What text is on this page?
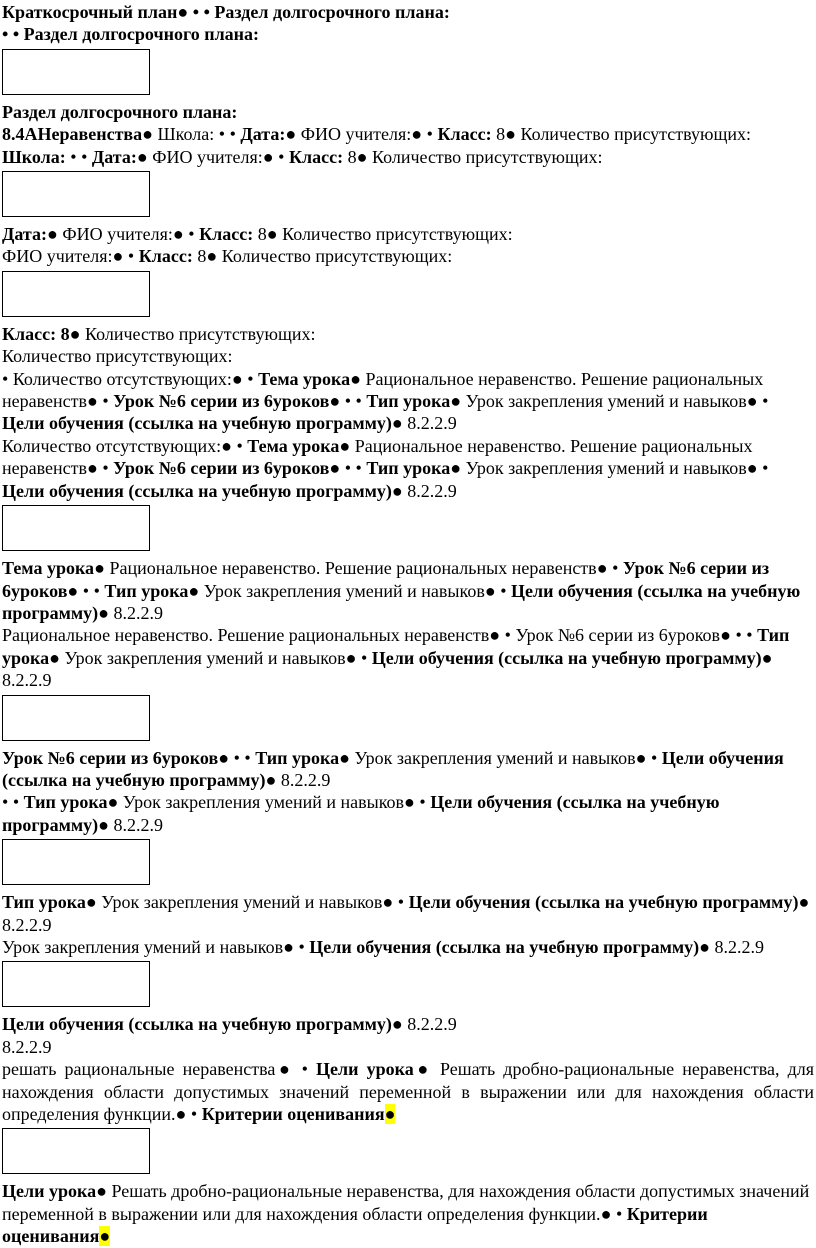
Краткосрочный план● • • Раздел долгосрочного плана:

• • Раздел долгосрочного плана:

Раздел долгосрочного плана:

8.4АНеравенства● Школа: • • Дата:● ФИО учителя:● • Класс: 8● Количество присутствующих:

Школа: • • Дата:● ФИО учителя:● • Класс: 8● Количество присутствующих:

Дата:● ФИО учителя:● • Класс: 8● Количество присутствующих:

ФИО учителя:● • Класс: 8● Количество присутствующих:

Класс: 8● Количество присутствующих:

Количество присутствующих:

• Количество отсутствующих:● • Тема урока● Рациональное неравенство. Решение рациональных неравенств● • Урок №6 серии из 6уроков● • • Тип урока● Урок закрепления умений и навыков● • Цели обучения (ссылка на учебную программу)● 8.2.2.9

Количество отсутствующих:● • Тема урока● Рациональное неравенство. Решение рациональных неравенств● • Урок №6 серии из 6уроков● • • Тип урока● Урок закрепления умений и навыков● • Цели обучения (ссылка на учебную программу)● 8.2.2.9

Тема урока● Рациональное неравенство. Решение рациональных неравенств● • Урок №6 серии из 6уроков● • • Тип урока● Урок закрепления умений и навыков● • Цели обучения (ссылка на учебную программу)● 8.2.2.9

Рациональное неравенство. Решение рациональных неравенств● • Урок №6 серии из 6уроков● • • Тип урока● Урок закрепления умений и навыков● • Цели обучения (ссылка на учебную программу)● 8.2.2.9

Урок №6 серии из 6уроков● • • Тип урока● Урок закрепления умений и навыков● • Цели обучения (ссылка на учебную программу)● 8.2.2.9

• • Тип урока● Урок закрепления умений и навыков● • Цели обучения (ссылка на учебную программу)● 8.2.2.9

Тип урока● Урок закрепления умений и навыков● • Цели обучения (ссылка на учебную программу)● 8.2.2.9

Урок закрепления умений и навыков● • Цели обучения (ссылка на учебную программу)● 8.2.2.9

Цели обучения (ссылка на учебную программу)● 8.2.2.9

8.2.2.9

решать рациональные неравенства● • Цели урока● Решать дробно-рациональные неравенства, для нахождения области допустимых значений переменной в выражении или для нахождения области определения функции.● • Критерии оценивания●

Цели урока● Решать дробно-рациональные неравенства, для нахождения области допустимых значений переменной в выражении или для нахождения области определения функции.● • Критерии оценивания●
